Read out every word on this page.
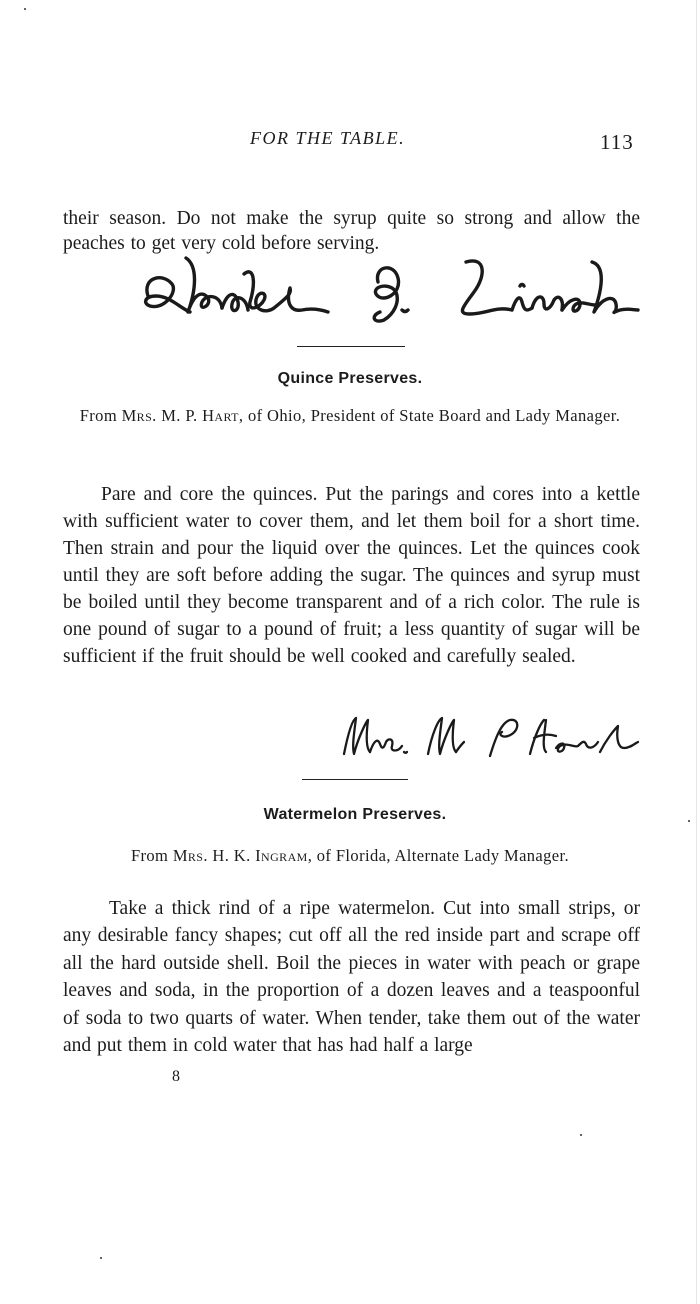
FOR THE TABLE.	113

their season. Do not make the syrup quite so strong and allow the peaches to get very cold before serving.

Quince Preserves.
From Mrs. M. P. Hart, of Ohio, President of State Board and Lady Manager.

Pare and core the quinces. Put the parings and cores into a kettle with sufficient water to cover them, and let them boil for a short time. Then strain and pour the liquid over the quinces. Let the quinces cook until they are soft before adding the sugar. The quinces and syrup must be boiled until they become transparent and of a rich color. The rule is one pound of sugar to a pound of fruit; a less quantity of sugar will be sufficient if the fruit should be well cooked and carefully sealed.

Watermelon Preserves.
From Mrs. H. K. Ingram, of Florida, Alternate Lady Manager.

Take a thick rind of a ripe watermelon. Cut into small strips, or any desirable fancy shapes; cut off all the red inside part and scrape off all the hard outside shell. Boil the pieces in water with peach or grape leaves and soda, in the proportion of a dozen leaves and a teaspoonful of soda to two quarts of water. When tender, take them out of the water and put them in cold water that has had half a large

8
